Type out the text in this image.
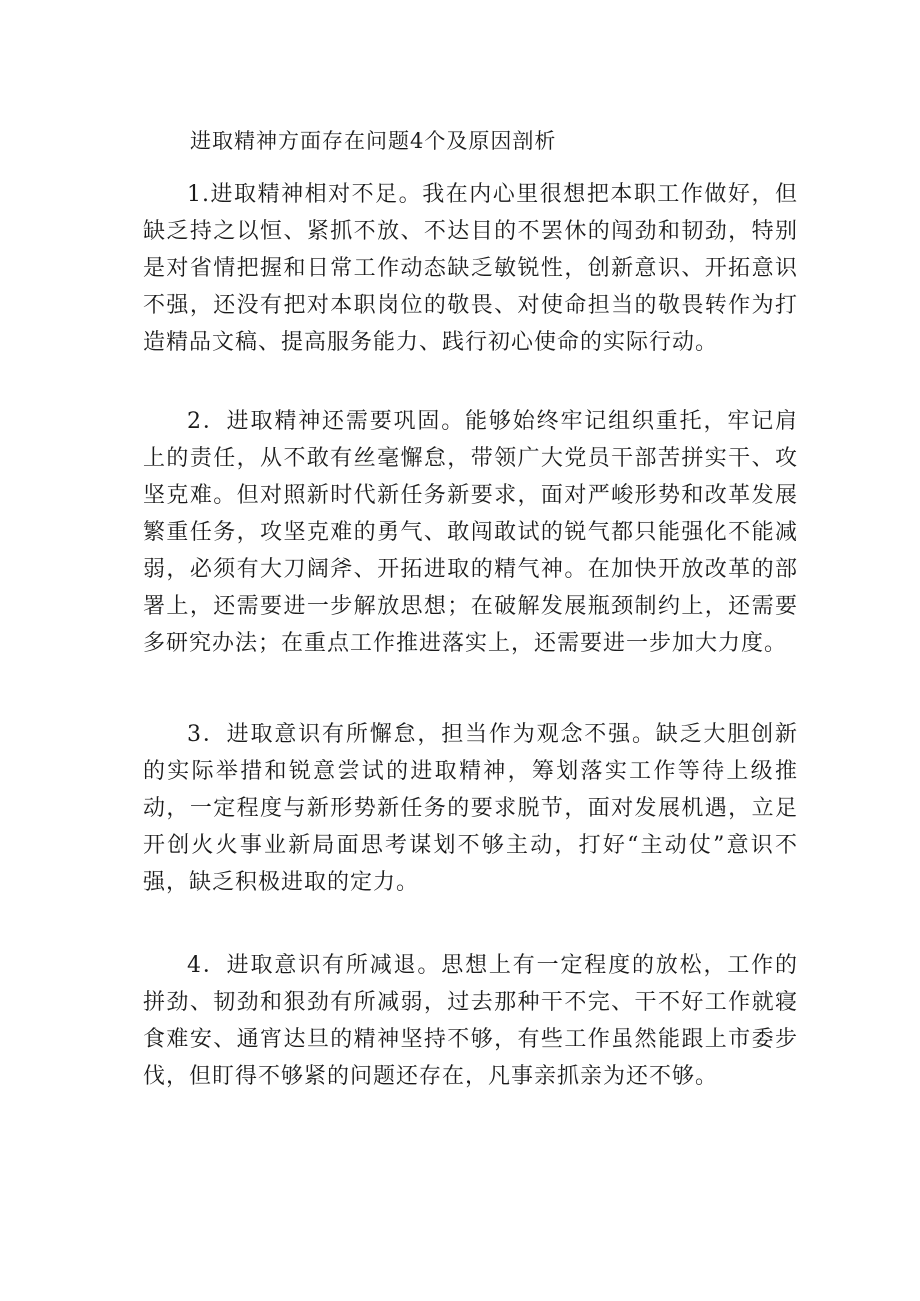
进取精神方面存在问题4个及原因剖析

1.进取精神相对不足。我在内心里很想把本职工作做好，但缺乏持之以恒、紧抓不放、不达目的不罢休的闯劲和韧劲，特别是对省情把握和日常工作动态缺乏敏锐性，创新意识、开拓意识不强，还没有把对本职岗位的敬畏、对使命担当的敬畏转作为打造精品文稿、提高服务能力、践行初心使命的实际行动。

2．进取精神还需要巩固。能够始终牢记组织重托，牢记肩上的责任，从不敢有丝毫懈怠，带领广大党员干部苦拼实干、攻坚克难。但对照新时代新任务新要求，面对严峻形势和改革发展繁重任务，攻坚克难的勇气、敢闯敢试的锐气都只能强化不能减弱，必须有大刀阔斧、开拓进取的精气神。在加快开放改革的部署上，还需要进一步解放思想；在破解发展瓶颈制约上，还需要多研究办法；在重点工作推进落实上，还需要进一步加大力度。

3．进取意识有所懈怠，担当作为观念不强。缺乏大胆创新的实际举措和锐意尝试的进取精神，筹划落实工作等待上级推动，一定程度与新形势新任务的要求脱节，面对发展机遇，立足开创火火事业新局面思考谋划不够主动，打好“主动仗”意识不强，缺乏积极进取的定力。

4．进取意识有所减退。思想上有一定程度的放松，工作的拼劲、韧劲和狠劲有所减弱，过去那种干不完、干不好工作就寝食难安、通宵达旦的精神坚持不够，有些工作虽然能跟上市委步伐，但盯得不够紧的问题还存在，凡事亲抓亲为还不够。
